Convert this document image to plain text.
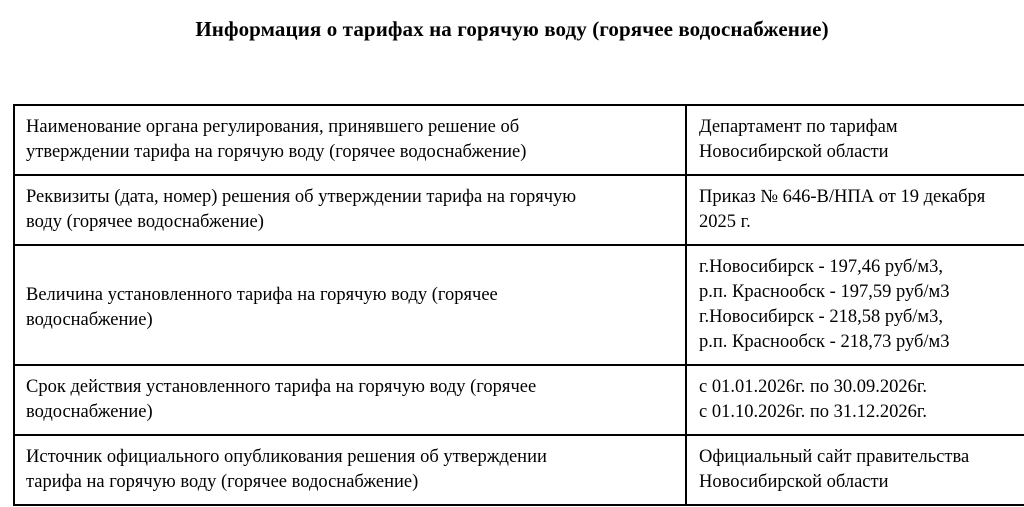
Информация о тарифах на горячую воду (горячее водоснабжение)
Наименование органа регулирования, принявшего решение об
утверждении тарифа на горячую воду (горячее водоснабжение)	Департамент по тарифам
Новосибирской области

Реквизиты (дата, номер) решения об утверждении тарифа на горячую
воду (горячее водоснабжение)	Приказ № 646-В/НПА от 19 декабря
2025 г.

Величина установленного тарифа на горячую воду (горячее
водоснабжение)	г.Новосибирск - 197,46 руб/м3,
р.п. Краснообск - 197,59 руб/м3
г.Новосибирск - 218,58 руб/м3,
р.п. Краснообск - 218,73 руб/м3

Срок действия установленного тарифа на горячую воду (горячее
водоснабжение)	с 01.01.2026г. по 30.09.2026г.
с 01.10.2026г. по 31.12.2026г.

Источник официального опубликования решения об утверждении
тарифа на горячую воду (горячее водоснабжение)	Официальный сайт правительства
Новосибирской области
